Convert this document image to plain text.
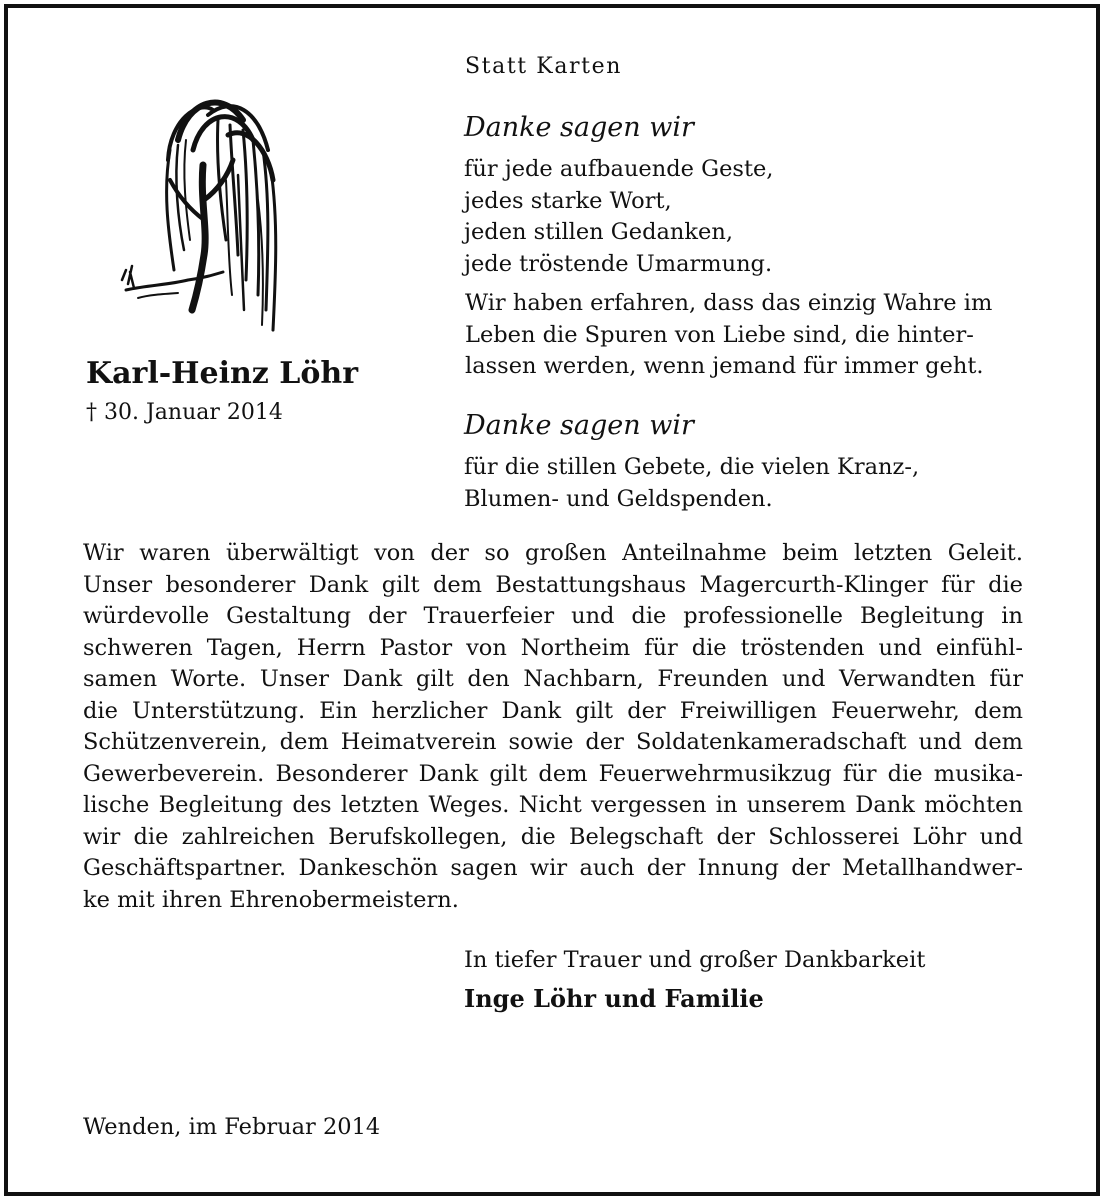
Statt Karten
Danke sagen wir
für jede aufbauende Geste,
jedes starke Wort,
jeden stillen Gedanken,
jede tröstende Umarmung.
Wir haben erfahren, dass das einzig Wahre im
Leben die Spuren von Liebe sind, die hinter-
lassen werden, wenn jemand für immer geht.
Danke sagen wir
für die stillen Gebete, die vielen Kranz-,
Blumen- und Geldspenden.
Karl-Heinz Löhr
† 30. Januar 2014
Wir waren überwältigt von der so großen Anteilnahme beim letzten Geleit.
Unser besonderer Dank gilt dem Bestattungshaus Magercurth-Klinger für die
würdevolle Gestaltung der Trauerfeier und die professionelle Begleitung in
schweren Tagen, Herrn Pastor von Northeim für die tröstenden und einfühl-
samen Worte. Unser Dank gilt den Nachbarn, Freunden und Verwandten für
die Unterstützung. Ein herzlicher Dank gilt der Freiwilligen Feuerwehr, dem
Schützenverein, dem Heimatverein sowie der Soldatenkameradschaft und dem
Gewerbeverein. Besonderer Dank gilt dem Feuerwehrmusikzug für die musika-
lische Begleitung des letzten Weges. Nicht vergessen in unserem Dank möchten
wir die zahlreichen Berufskollegen, die Belegschaft der Schlosserei Löhr und
Geschäftspartner. Dankeschön sagen wir auch der Innung der Metallhandwer-
ke mit ihren Ehrenobermeistern.
In tiefer Trauer und großer Dankbarkeit
Inge Löhr und Familie
Wenden, im Februar 2014
